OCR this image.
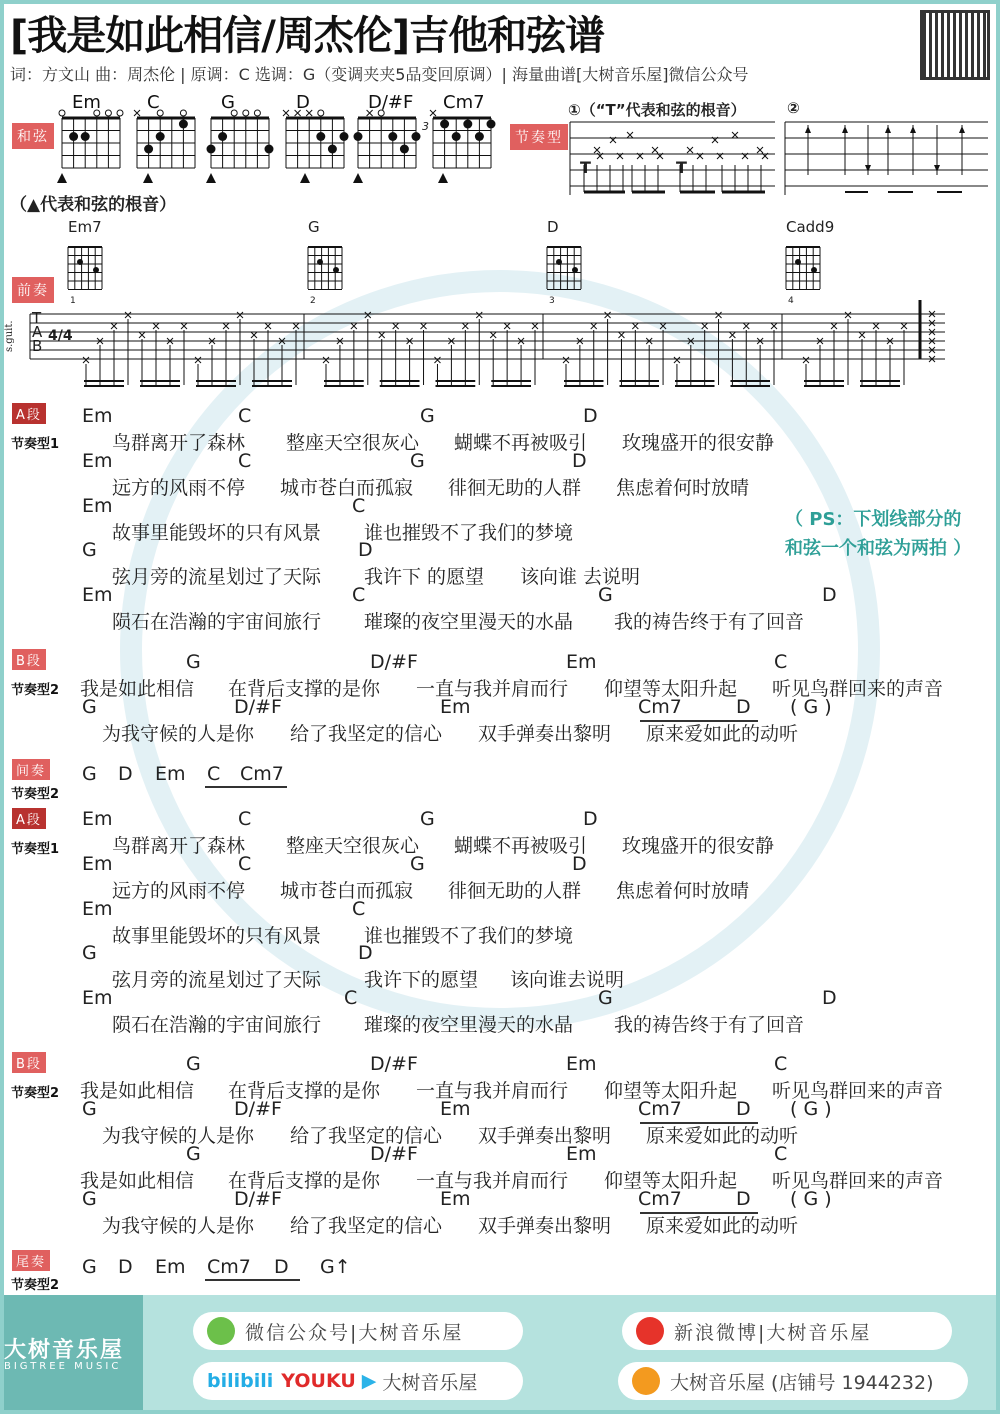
[我是如此相信/周杰伦]吉他和弦谱
词：方文山 曲：周杰伦 | 原调：C 选调：G（变调夹夹5品变回原调）| 海量曲谱[大树音乐屋]微信公众号
和弦
Em	C	G	D	D/#F Cm7
（▲代表和弦的根音）
3
节奏型
①（“T”代表和弦的根音）	②
T	T
前奏
Em7	G	D	Cadd9
s.guit.
T
A
B
4/4
1	2	3	4
（ PS：下划线部分的
和弦一个和弦为两拍 ）
A段
节奏型1
Em	C	G	D
鸟群离开了森林 整座天空很灰心 蝴蝶不再被吸引 玫瑰盛开的很安静
Em	C	G	D
远方的风雨不停 城市苍白而孤寂 徘徊无助的人群 焦虑着何时放晴
Em	C
故事里能毁坏的只有风景 谁也摧毁不了我们的梦境
G	D
弦月旁的流星划过了天际 我许下 的愿望 该向谁 去说明
Em	C	G	D
陨石在浩瀚的宇宙间旅行 璀璨的夜空里漫天的水晶 我的祷告终于有了回音
B段
节奏型2
G	D/#F	Em	C
我是如此相信 在背后支撑的是你 一直与我并肩而行 仰望等太阳升起 听见鸟群回来的声音
G	D/#F	Em	Cm7	D ( G )
为我守候的人是你 给了我坚定的信心 双手弹奏出黎明 原来爱如此的动听
间奏
节奏型2
G D Em C Cm7
A段
节奏型1
Em	C	G	D
鸟群离开了森林 整座天空很灰心 蝴蝶不再被吸引 玫瑰盛开的很安静
Em	C	G	D
远方的风雨不停 城市苍白而孤寂 徘徊无助的人群 焦虑着何时放晴
Em	C
故事里能毁坏的只有风景 谁也摧毁不了我们的梦境
G	D
弦月旁的流星划过了天际 我许下的愿望 该向谁去说明
Em	C	G	D
陨石在浩瀚的宇宙间旅行 璀璨的夜空里漫天的水晶 我的祷告终于有了回音
B段
节奏型2
G	D/#F	Em	C
我是如此相信 在背后支撑的是你 一直与我并肩而行 仰望等太阳升起 听见鸟群回来的声音
G	D/#F	Em	Cm7	D ( G )
为我守候的人是你 给了我坚定的信心 双手弹奏出黎明 原来爱如此的动听
G	D/#F	Em	C
我是如此相信 在背后支撑的是你 一直与我并肩而行 仰望等太阳升起 听见鸟群回来的声音
G	D/#F	Em	Cm7	D ( G )
为我守候的人是你 给了我坚定的信心 双手弹奏出黎明 原来爱如此的动听
尾奏
节奏型2
G D Em Cm7 D G↑
大树音乐屋
BIGTREE MUSIC
微信公众号|大树音乐屋	新浪微博|大树音乐屋
bilibili YOUKU ▶ 大树音乐屋	大树音乐屋 (店铺号 1944232)
